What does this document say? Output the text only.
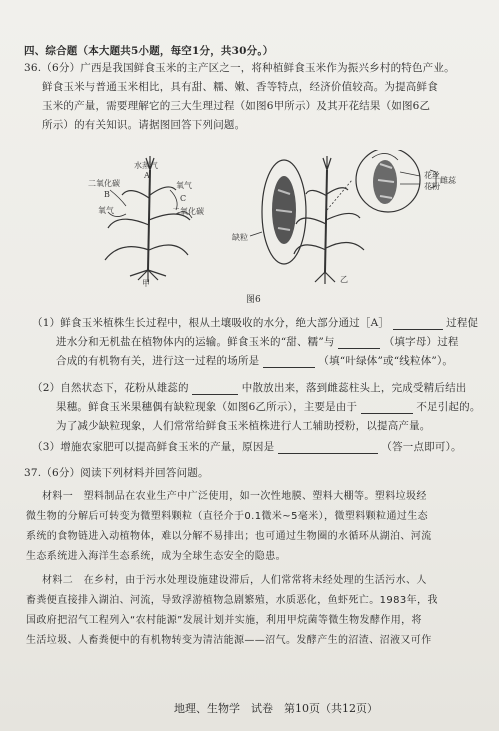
四、综合题（本大题共5小题，每空1分，共30分。）
36.（6分）广西是我国鲜食玉米的主产区之一，将种植鲜食玉米作为振兴乡村的特色产业。
鲜食玉米与普通玉米相比，具有甜、糯、嫩、香等特点，经济价值较高。为提高鲜食
玉米的产量，需要理解它的三大生理过程（如图6甲所示）及其开花结果（如图6乙
所示）的有关知识。请据图回答下列问题。
水蒸气
A
二氧化碳
B
氧气
氧气
C
二氧化碳
甲
缺粒
花丝
花粉
雌蕊
乙
图6
（1）鲜食玉米植株生长过程中，根从土壤吸收的水分，绝大部分通过［A］	过程促
进水分和无机盐在植物体内的运输。鲜食玉米的“甜、糯”与	（填字母）过程
合成的有机物有关，进行这一过程的场所是	（填“叶绿体”或“线粒体”）。
（2）自然状态下，花粉从雄蕊的	中散放出来，落到雌蕊柱头上，完成受精后结出
果穗。鲜食玉米果穗偶有缺粒现象（如图6乙所示），主要是由于	不足引起的。
为了减少缺粒现象，人们常常给鲜食玉米植株进行人工辅助授粉，以提高产量。
（3）增施农家肥可以提高鲜食玉米的产量，原因是	（答一点即可）。
37.（6分）阅读下列材料并回答问题。
材料一　塑料制品在农业生产中广泛使用，如一次性地膜、塑料大棚等。塑料垃圾经
微生物的分解后可转变为微塑料颗粒（直径介于0.1微米~5毫米），微塑料颗粒通过生态
系统的食物链进入动植物体，难以分解不易排出；也可通过生物圈的水循环从湖泊、河流
生态系统进入海洋生态系统，成为全球生态安全的隐患。
材料二　在乡村，由于污水处理设施建设滞后，人们常常将未经处理的生活污水、人
畜粪便直接排入湖泊、河流，导致浮游植物急剧繁殖，水质恶化，鱼虾死亡。1983年，我
国政府把沼气工程列入“农村能源”发展计划并实施，利用甲烷菌等微生物发酵作用，将
生活垃圾、人畜粪便中的有机物转变为清洁能源——沼气。发酵产生的沼渣、沼液又可作
地理、生物学　试卷　第10页（共12页）
